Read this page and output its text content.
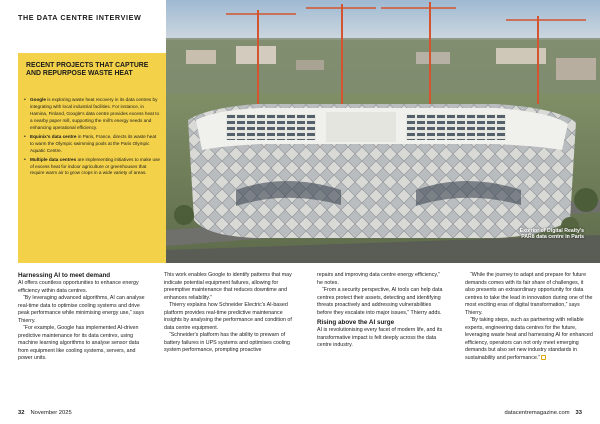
THE DATA CENTRE INTERVIEW
Exterior of Digital Realty's PAR8 data centre in Paris
RECENT PROJECTS THAT CAPTURE AND REPURPOSE WASTE HEAT
• Google is exploring waste heat recovery in its data centres by integrating with local industrial facilities. For instance, in Hamina, Finland, Google's data centre provides excess heat to a nearby paper mill, supporting the mill's energy needs and enhancing operational efficiency.
• Equinix's data centre in Paris, France, directs its waste heat to warm the Olympic swimming pools at the Paris Olympic Aquatic Centre.
• Multiple data centres are implementing initiatives to make use of excess heat for indoor agriculture or greenhouses that require warm air to grow crops in a wide variety of areas.
Harnessing AI to meet demand

AI offers countless opportunities to enhance energy efficiency within data centres.

“By leveraging advanced algorithms, AI can analyse real-time data to optimise cooling systems and drive peak performance while minimising energy use,” says Thierry.

“For example, Google has implemented AI-driven predictive maintenance for its data centres, using machine learning algorithms to analyse sensor data from equipment like cooling systems, servers, and power units.

This work enables Google to identify patterns that may indicate potential equipment failures, allowing for preemptive maintenance that reduces downtime and enhances reliability.”

Thierry explains how Schneider Electric's AI-based platform provides real-time predictive maintenance insights by analysing the performance and condition of data centre equipment.

“Schneider's platform has the ability to prewarn of battery failures in UPS systems and optimises cooling system performance, prompting proactive

repairs and improving data centre energy efficiency,” he notes.

“From a security perspective, AI tools can help data centres protect their assets, detecting and identifying threats proactively and addressing vulnerabilities before they escalate into major issues,” Thierry adds.

Rising above the AI surge

AI is revolutionising every facet of modern life, and its transformative impact is felt deeply across the data centre industry.

“While the journey to adapt and prepare for future demands comes with its fair share of challenges, it also presents an extraordinary opportunity for data centres to take the lead in innovation during one of the most exciting eras of digital transformation,” says Thierry.

“By taking steps, such as partnering with reliable experts, engineering data centres for the future, leveraging waste heat and harnessing AI for enhanced efficiency, operators can not only meet emerging demands but also set new industry standards in sustainability and performance.”

32 November 2025	datacentremagazine.com 33
